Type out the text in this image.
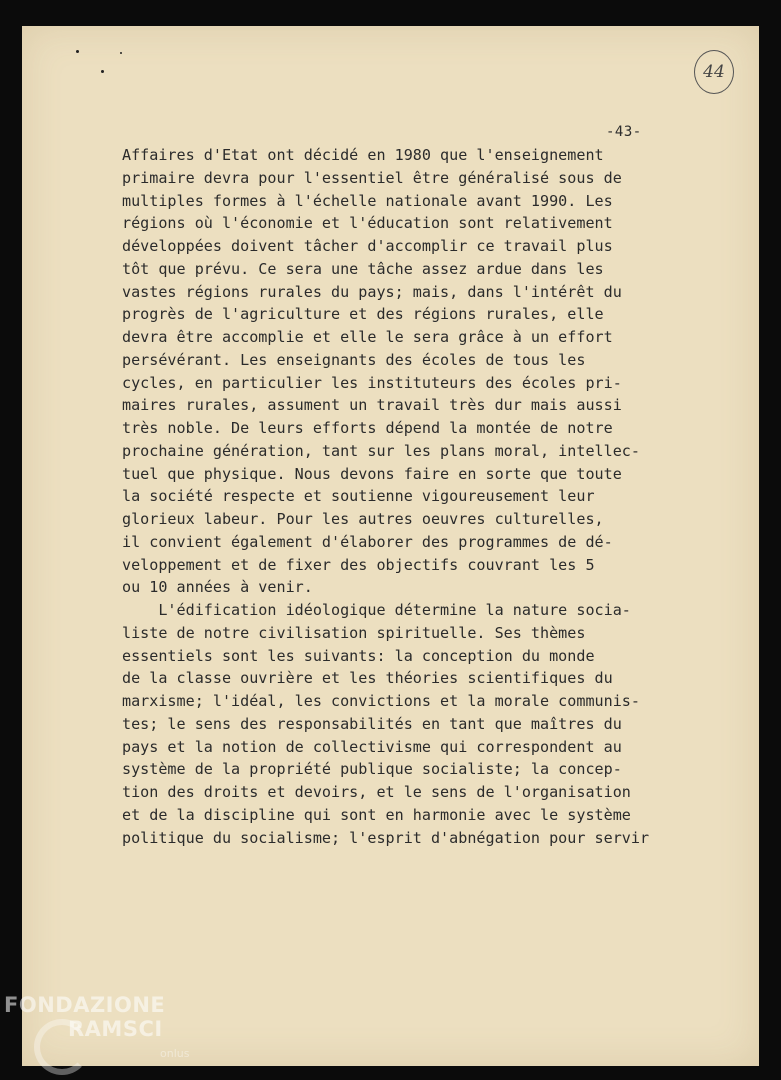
44
-43-
Affaires d'Etat ont décidé en 1980 que l'enseignement
primaire devra pour l'essentiel être généralisé sous de
multiples formes à l'échelle nationale avant 1990. Les
régions où l'économie et l'éducation sont relativement
développées doivent tâcher d'accomplir ce travail plus
tôt que prévu. Ce sera une tâche assez ardue dans les
vastes régions rurales du pays; mais, dans l'intérêt du
progrès de l'agriculture et des régions rurales, elle
devra être accomplie et elle le sera grâce à un effort
persévérant. Les enseignants des écoles de tous les
cycles, en particulier les instituteurs des écoles pri-
maires rurales, assument un travail très dur mais aussi
très noble. De leurs efforts dépend la montée de notre
prochaine génération, tant sur les plans moral, intellec-
tuel que physique. Nous devons faire en sorte que toute
la société respecte et soutienne vigoureusement leur
glorieux labeur. Pour les autres oeuvres culturelles,
il convient également d'élaborer des programmes de dé-
veloppement et de fixer des objectifs couvrant les 5
ou 10 années à venir.
L'édification idéologique détermine la nature socia-
liste de notre civilisation spirituelle. Ses thèmes
essentiels sont les suivants: la conception du monde
de la classe ouvrière et les théories scientifiques du
marxisme; l'idéal, les convictions et la morale communis-
tes; le sens des responsabilités en tant que maîtres du
pays et la notion de collectivisme qui correspondent au
système de la propriété publique socialiste; la concep-
tion des droits et devoirs, et le sens de l'organisation
et de la discipline qui sont en harmonie avec le système
politique du socialisme; l'esprit d'abnégation pour servir
FONDAZIONE
RAMSCI
onlus
